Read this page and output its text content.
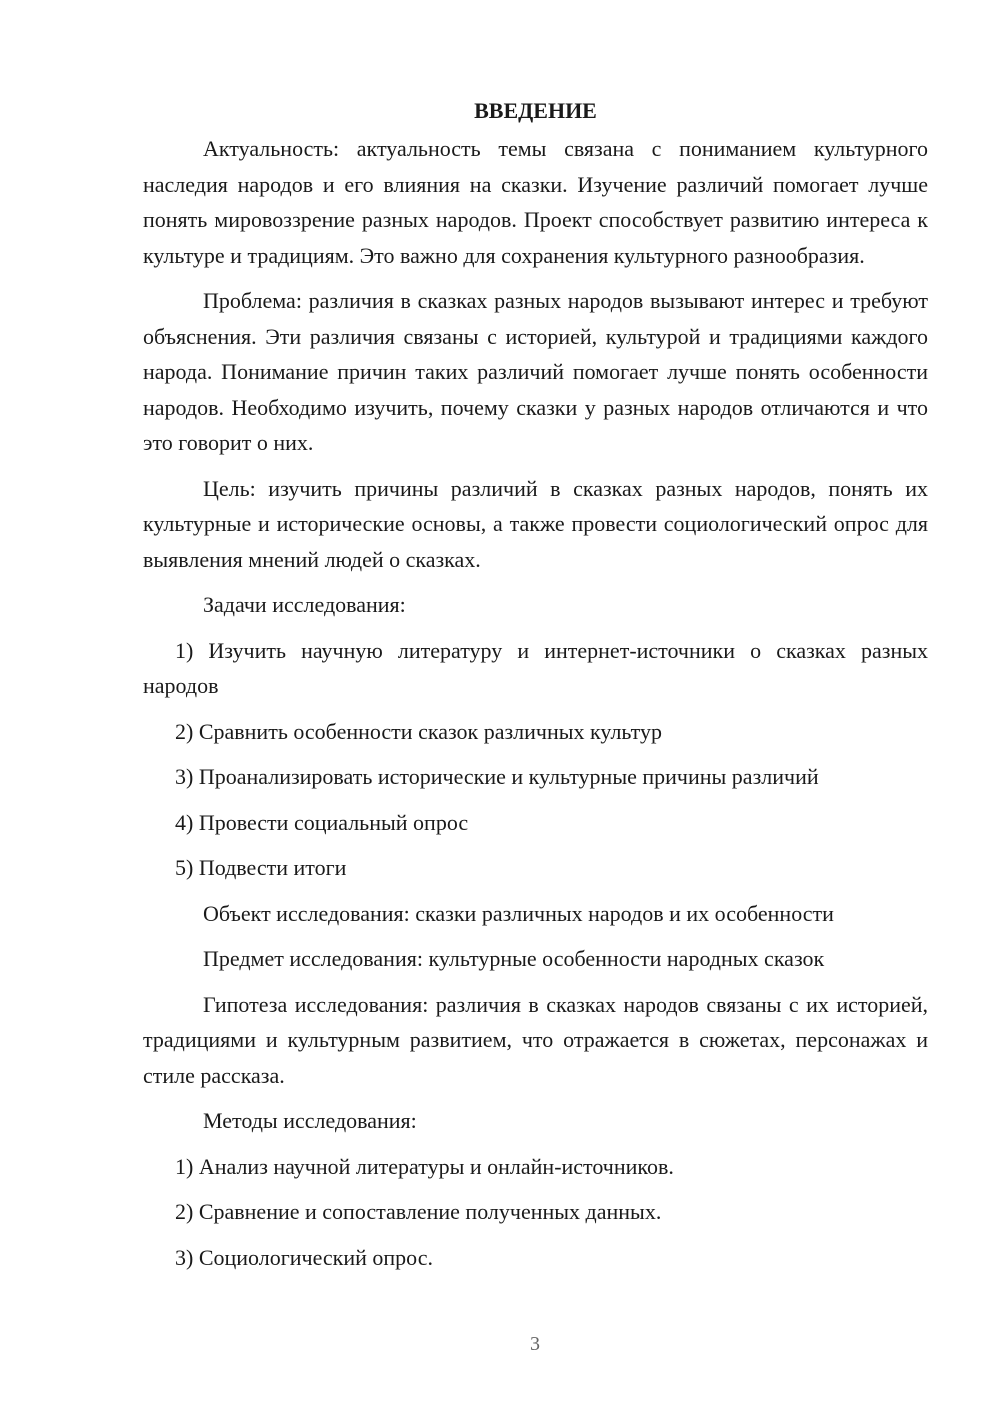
ВВЕДЕНИЕ

Актуальность: актуальность темы связана с пониманием культурного наследия народов и его влияния на сказки. Изучение различий помогает лучше понять мировоззрение разных народов. Проект способствует развитию интереса к культуре и традициям. Это важно для сохранения культурного разнообразия.

Проблема: различия в сказках разных народов вызывают интерес и требуют объяснения. Эти различия связаны с историей, культурой и традициями каждого народа. Понимание причин таких различий помогает лучше понять особенности народов. Необходимо изучить, почему сказки у разных народов отличаются и что это говорит о них.

Цель: изучить причины различий в сказках разных народов, понять их культурные и исторические основы, а также провести социологический опрос для выявления мнений людей о сказках.

Задачи исследования:

1) Изучить научную литературу и интернет-источники о сказках разных народов

2) Сравнить особенности сказок различных культур

3) Проанализировать исторические и культурные причины различий

4) Провести социальный опрос

5) Подвести итоги

Объект исследования: сказки различных народов и их особенности

Предмет исследования: культурные особенности народных сказок

Гипотеза исследования: различия в сказках народов связаны с их историей, традициями и культурным развитием, что отражается в сюжетах, персонажах и стиле рассказа.

Методы исследования:

1) Анализ научной литературы и онлайн-источников.

2) Сравнение и сопоставление полученных данных.

3) Социологический опрос.

3
